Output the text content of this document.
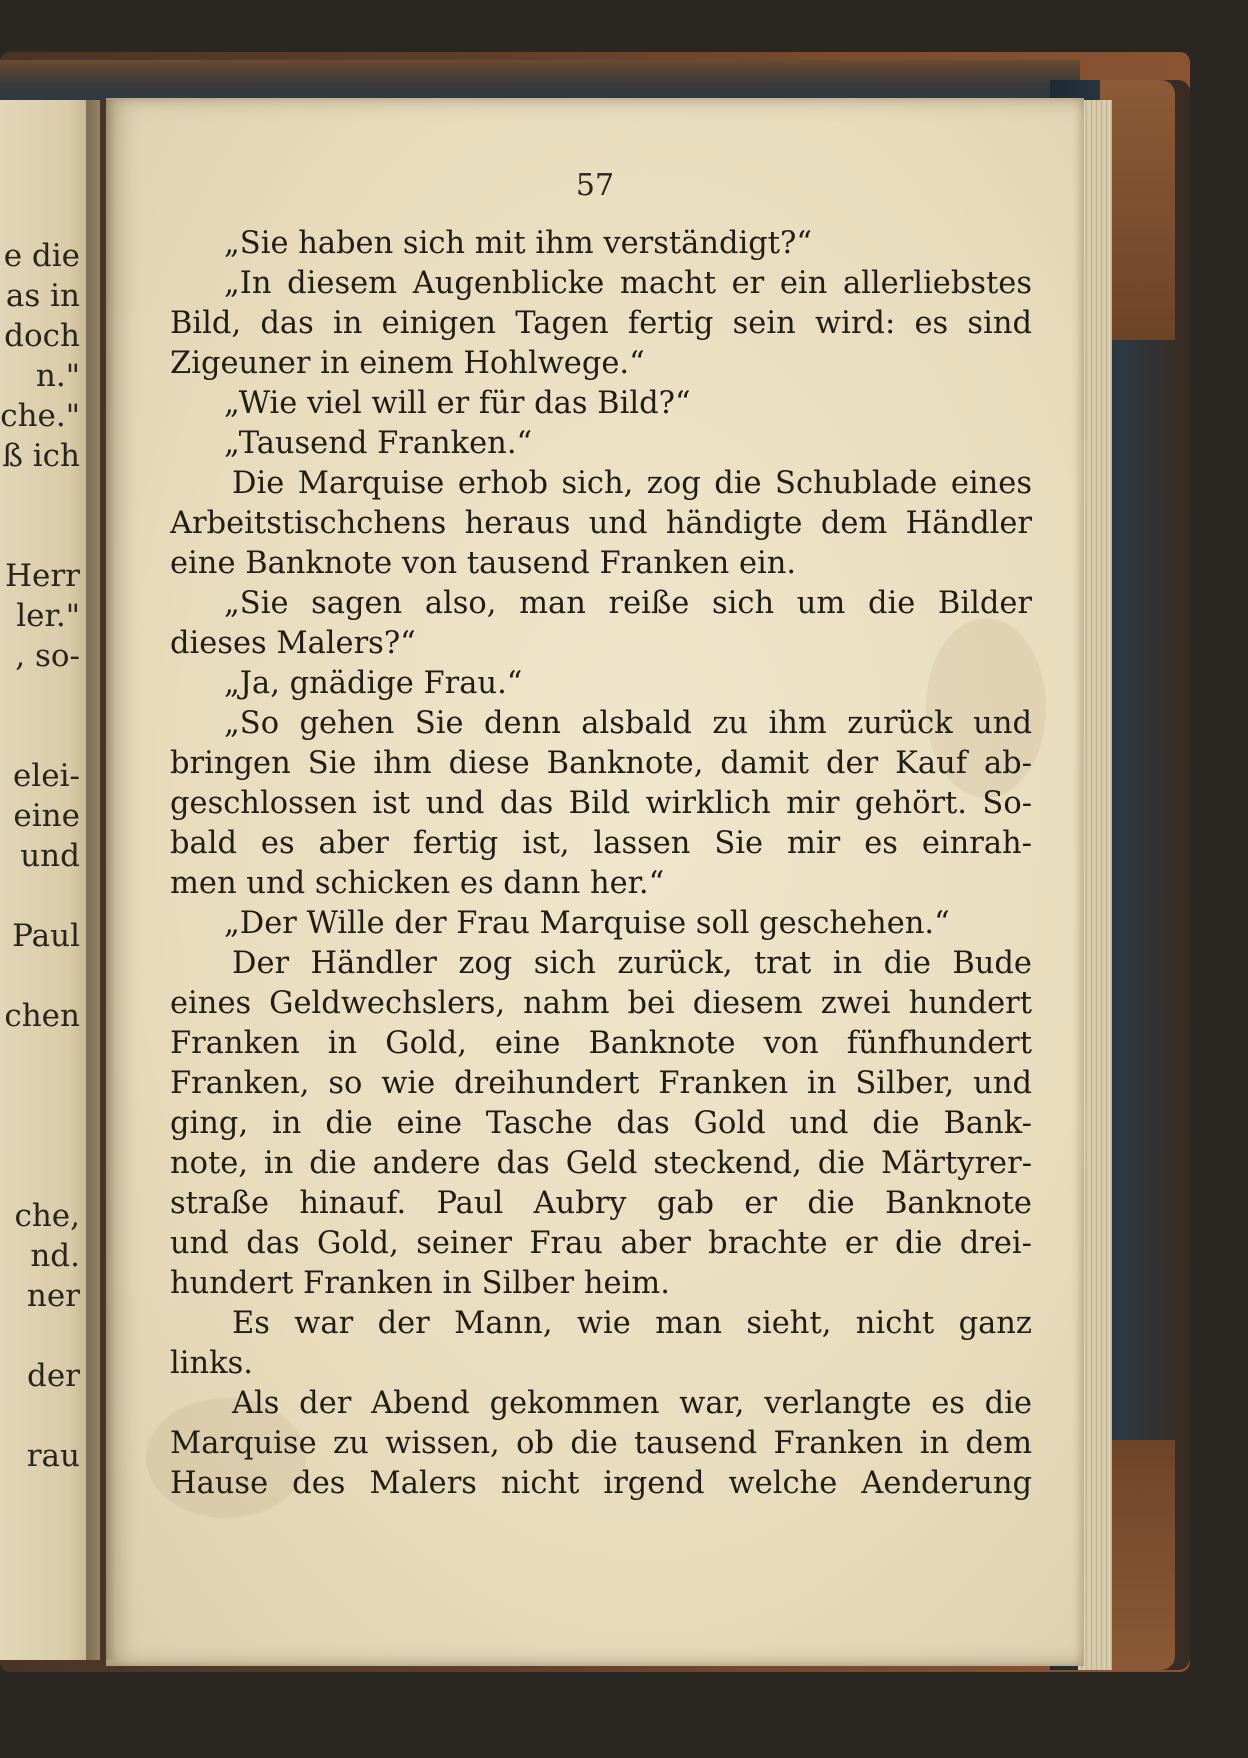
e die
as in
doch
n."
che."
ß ich
Herr
ler."
, so-
elei-
eine
und
Paul
chen
che,
nd.
ner
der
rau
57
„Sie haben sich mit ihm verständigt?“
„In diesem Augenblicke macht er ein allerliebstes
Bild, das in einigen Tagen fertig sein wird: es sind
Zigeuner in einem Hohlwege.“
„Wie viel will er für das Bild?“
„Tausend Franken.“
Die Marquise erhob sich, zog die Schublade eines
Arbeitstischchens heraus und händigte dem Händler
eine Banknote von tausend Franken ein.
„Sie sagen also, man reiße sich um die Bilder
dieses Malers?“
„Ja, gnädige Frau.“
„So gehen Sie denn alsbald zu ihm zurück und
bringen Sie ihm diese Banknote, damit der Kauf ab-
geschlossen ist und das Bild wirklich mir gehört. So-
bald es aber fertig ist, lassen Sie mir es einrah-
men und schicken es dann her.“
„Der Wille der Frau Marquise soll geschehen.“
Der Händler zog sich zurück, trat in die Bude
eines Geldwechslers, nahm bei diesem zwei hundert
Franken in Gold, eine Banknote von fünfhundert
Franken, so wie dreihundert Franken in Silber, und
ging, in die eine Tasche das Gold und die Bank-
note, in die andere das Geld steckend, die Märtyrer-
straße hinauf. Paul Aubry gab er die Banknote
und das Gold, seiner Frau aber brachte er die drei-
hundert Franken in Silber heim.
Es war der Mann, wie man sieht, nicht ganz
links.
Als der Abend gekommen war, verlangte es die
Marquise zu wissen, ob die tausend Franken in dem
Hause des Malers nicht irgend welche Aenderung
